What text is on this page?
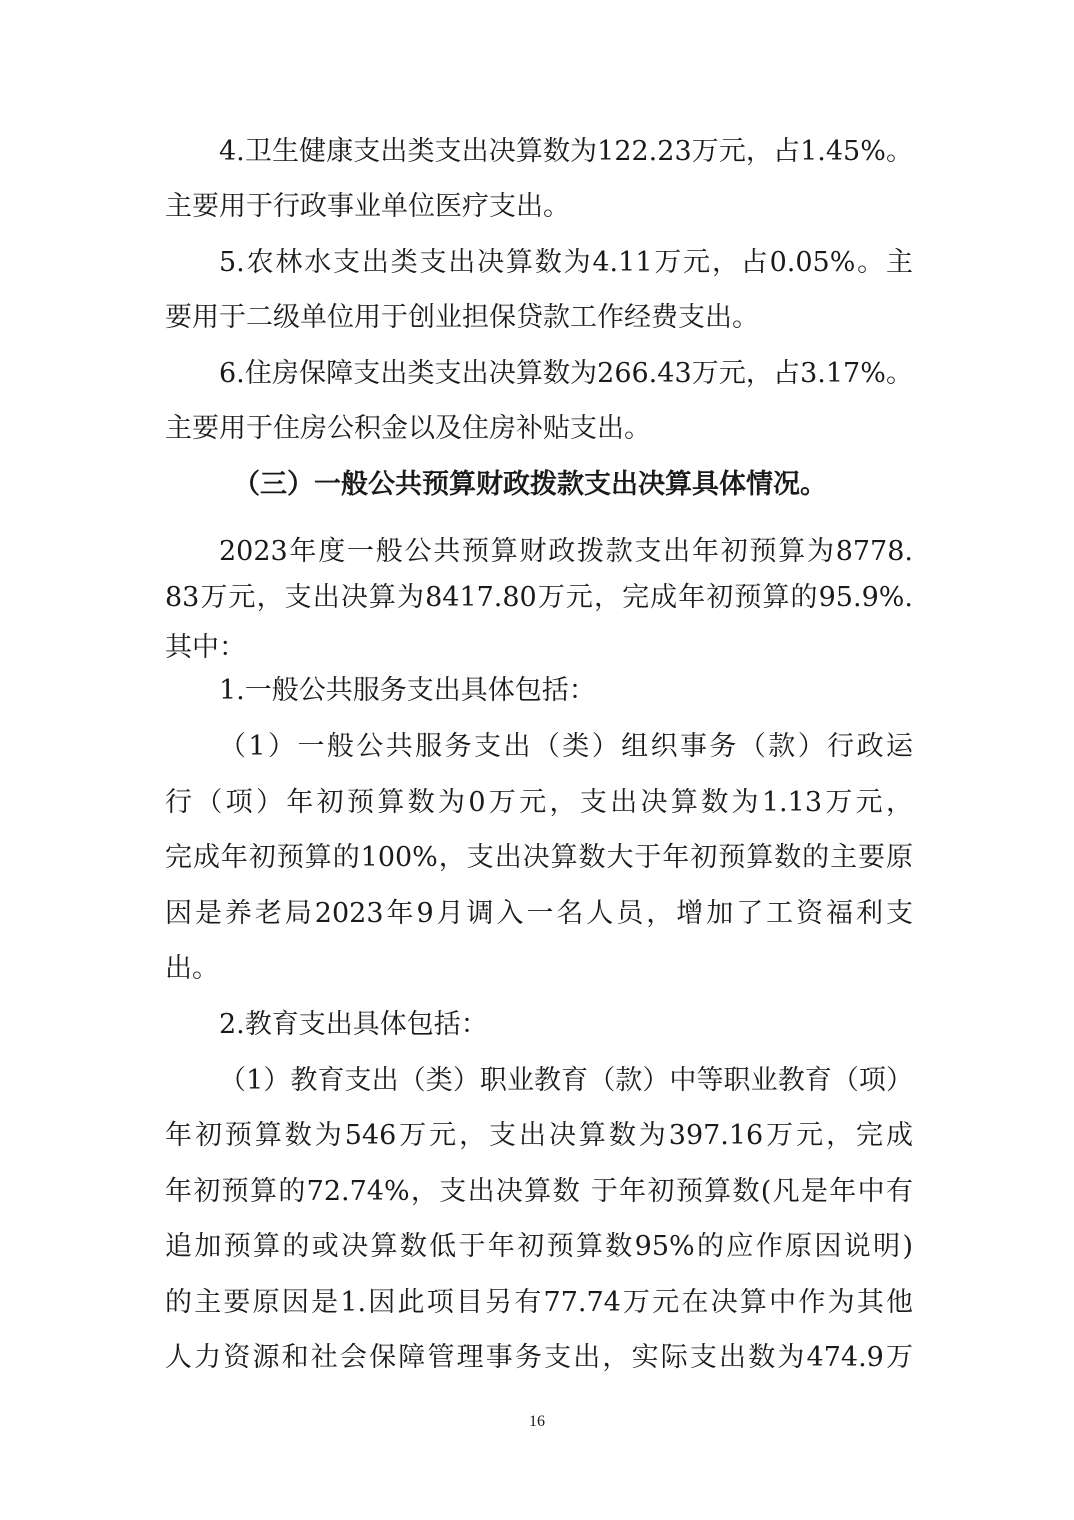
4.卫生健康支出类支出决算数为122.23万元，占1.45%。
主要用于行政事业单位医疗支出。
5.农林水支出类支出决算数为4.11万元，占0.05%。主
要用于二级单位用于创业担保贷款工作经费支出。
6.住房保障支出类支出决算数为266.43万元，占3.17%。
主要用于住房公积金以及住房补贴支出。
（三）一般公共预算财政拨款支出决算具体情况。
2023年度一般公共预算财政拨款支出年初预算为8778.
83万元，支出决算为8417.80万元，完成年初预算的95.9%.
其中：
1.一般公共服务支出具体包括：
（1）一般公共服务支出（类）组织事务（款）行政运
行（项）年初预算数为0万元，支出决算数为1.13万元，
完成年初预算的100%，支出决算数大于年初预算数的主要原
因是养老局2023年9月调入一名人员，增加了工资福利支
出。
2.教育支出具体包括：
（1）教育支出（类）职业教育（款）中等职业教育（项）
年初预算数为546万元，支出决算数为397.16万元，完成
年初预算的72.74%，支出决算数 于年初预算数(凡是年中有
追加预算的或决算数低于年初预算数95%的应作原因说明)
的主要原因是1.因此项目另有77.74万元在决算中作为其他
人力资源和社会保障管理事务支出，实际支出数为474.9万
16
